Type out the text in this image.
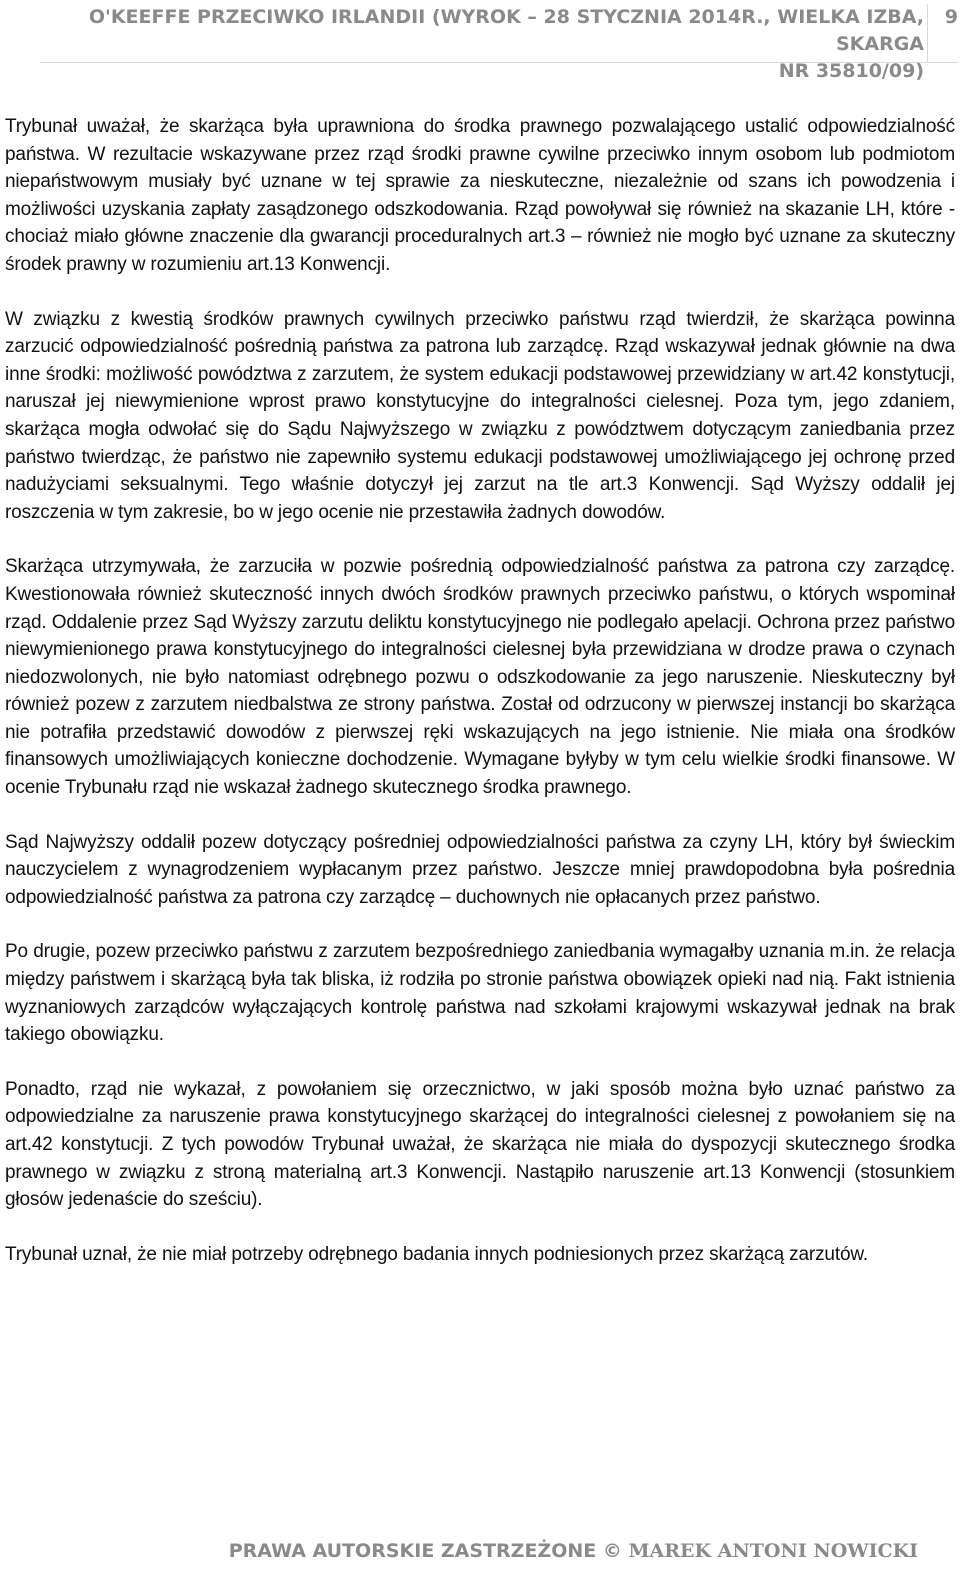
O'KEEFFE PRZECIWKO IRLANDII (WYROK – 28 STYCZNIA 2014R., WIELKA IZBA, SKARGA
NR 35810/09)
9

Trybunał uważał, że skarżąca była uprawniona do środka prawnego pozwalającego ustalić odpowiedzialność państwa. W rezultacie wskazywane przez rząd środki prawne cywilne przeciwko innym osobom lub podmiotom niepaństwowym musiały być uznane w tej sprawie za nieskuteczne, niezależnie od szans ich powodzenia i możliwości uzyskania zapłaty zasądzonego odszkodowania. Rząd powoływał się również na skazanie LH, które - chociaż miało główne znaczenie dla gwarancji proceduralnych art.3 – również nie mogło być uznane za skuteczny środek prawny w rozumieniu art.13 Konwencji.

W związku z kwestią środków prawnych cywilnych przeciwko państwu rząd twierdził, że skarżąca powinna zarzucić odpowiedzialność pośrednią państwa za patrona lub zarządcę. Rząd wskazywał jednak głównie na dwa inne środki: możliwość powództwa z zarzutem, że system edukacji podstawowej przewidziany w art.42 konstytucji, naruszał jej niewymienione wprost prawo konstytucyjne do integralności cielesnej. Poza tym, jego zdaniem, skarżąca mogła odwołać się do Sądu Najwyższego w związku z powództwem dotyczącym zaniedbania przez państwo twierdząc, że państwo nie zapewniło systemu edukacji podstawowej umożliwiającego jej ochronę przed nadużyciami seksualnymi. Tego właśnie dotyczył jej zarzut na tle art.3 Konwencji. Sąd Wyższy oddalił jej roszczenia w tym zakresie, bo w jego ocenie nie przestawiła żadnych dowodów.

Skarżąca utrzymywała, że zarzuciła w pozwie pośrednią odpowiedzialność państwa za patrona czy zarządcę. Kwestionowała również skuteczność innych dwóch środków prawnych przeciwko państwu, o których wspominał rząd. Oddalenie przez Sąd Wyższy zarzutu deliktu konstytucyjnego nie podlegało apelacji. Ochrona przez państwo niewymienionego prawa konstytucyjnego do integralności cielesnej była przewidziana w drodze prawa o czynach niedozwolonych, nie było natomiast odrębnego pozwu o odszkodowanie za jego naruszenie. Nieskuteczny był również pozew z zarzutem niedbalstwa ze strony państwa. Został od odrzucony w pierwszej instancji bo skarżąca nie potrafiła przedstawić dowodów z pierwszej ręki wskazujących na jego istnienie. Nie miała ona środków finansowych umożliwiających konieczne dochodzenie. Wymagane byłyby w tym celu wielkie środki finansowe. W ocenie Trybunału rząd nie wskazał żadnego skutecznego środka prawnego.

Sąd Najwyższy oddalił pozew dotyczący pośredniej odpowiedzialności państwa za czyny LH, który był świeckim nauczycielem z wynagrodzeniem wypłacanym przez państwo. Jeszcze mniej prawdopodobna była pośrednia odpowiedzialność państwa za patrona czy zarządcę – duchownych nie opłacanych przez państwo.

Po drugie, pozew przeciwko państwu z zarzutem bezpośredniego zaniedbania wymagałby uznania m.in. że relacja między państwem i skarżącą była tak bliska, iż rodziła po stronie państwa obowiązek opieki nad nią. Fakt istnienia wyznaniowych zarządców wyłączających kontrolę państwa nad szkołami krajowymi wskazywał jednak na brak takiego obowiązku.

Ponadto, rząd nie wykazał, z powołaniem się orzecznictwo, w jaki sposób można było uznać państwo za odpowiedzialne za naruszenie prawa konstytucyjnego skarżącej do integralności cielesnej z powołaniem się na art.42 konstytucji. Z tych powodów Trybunał uważał, że skarżąca nie miała do dyspozycji skutecznego środka prawnego w związku z stroną materialną art.3 Konwencji. Nastąpiło naruszenie art.13 Konwencji (stosunkiem głosów jedenaście do sześciu).

Trybunał uznał, że nie miał potrzeby odrębnego badania innych podniesionych przez skarżącą zarzutów.

PRAWA AUTORSKIE ZASTRZEŻONE © MAREK ANTONI NOWICKI
